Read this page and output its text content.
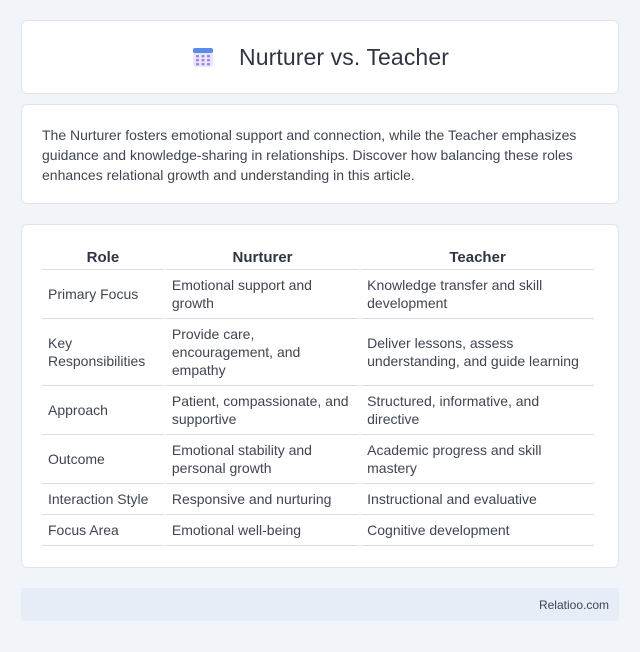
Nurturer vs. Teacher

The Nurturer fosters emotional support and connection, while the Teacher emphasizes guidance and knowledge-sharing in relationships. Discover how balancing these roles enhances relational growth and understanding in this article.

Role	Nurturer	Teacher
Primary Focus	Emotional support and growth	Knowledge transfer and skill development
Key Responsibilities	Provide care, encouragement, and empathy	Deliver lessons, assess understanding, and guide learning
Approach	Patient, compassionate, and supportive	Structured, informative, and directive
Outcome	Emotional stability and personal growth	Academic progress and skill mastery
Interaction Style	Responsive and nurturing	Instructional and evaluative
Focus Area	Emotional well-being	Cognitive development
Relatioo.com
